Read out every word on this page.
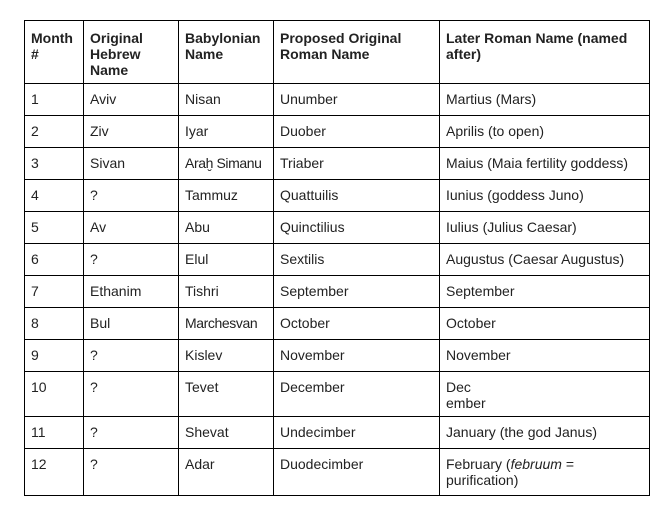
Month #	Original Hebrew Name	Babylonian Name	Proposed Original Roman Name	Later Roman Name (named after)
1	Aviv	Nisan	Unumber	Martius (Mars)
2	Ziv	Iyar	Duober	Aprilis (to open)
3	Sivan	Araḫ Simanu	Triaber	Maius (Maia fertility goddess)
4	?	Tammuz	Quattuilis	Iunius (goddess Juno)
5	Av	Abu	Quinctilius	Iulius (Julius Caesar)
6	?	Elul	Sextilis	Augustus (Caesar Augustus)
7	Ethanim	Tishri	September	September
8	Bul	Marchesvan	October	October
9	?	Kislev	November	November
10	?	Tevet	December	Dec
ember
11	?	Shevat	Undecimber	January (the god Janus)
12	?	Adar	Duodecimber	February (februum = purification)
